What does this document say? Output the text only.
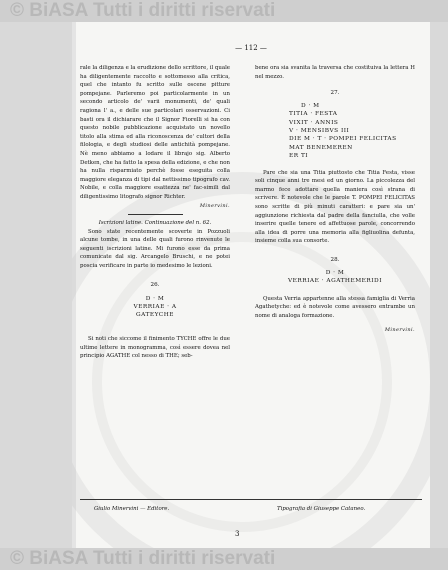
© BiASA Tutti i diritti riservati
— 112 —

rale la diligenza e la erudizione dello scrittore, il quale ha diligentemente raccolto e sottomesso alla critica, quel che intanto fu scritto sulle oscene pitture pompejane. Parleremo poi particolarmente in un secondo articolo de' varii monumenti, de' quali ragiona l' a., e delle sue particolari osservazioni. Ci basti ora il dichiarare che il Signor Fiorelli si ha con questo nobile pubblicazione acquistato un novello titolo alla stima ed alla riconoscenza de' cultori della filologia, e degli studiosi delle antichità pompejane. Nè meno abbiamo a lodare il librajo sig. Alberto Detken, che ha fatto la spesa della edizione, e che non ha nulla risparmiato perchè fosse eseguita colla maggiore eleganza di tipi dal nettissimo tipografo cav. Nobile, e colla maggiore esattezza ne' fac-simili dal diligentissimo litografo signor Richter.

Minervini.

Iscrizioni latine. Continuazione del n. 62.

Sono state recentemente scoverte in Pozzuoli alcune tombe, in una delle quali furono rinvenute le seguenti iscrizioni latine. Mi furono esse da prima comunicate dal sig. Arcangelo Bruschi, e ne potei poscia verificare in parte io medesimo le lezioni.

26.

D · M
VERRIAE · A
GATEYCHE

Si noti che siccome il finimento TYCHE offre le due ultime lettere in monogramma, così essere dovea nel principio AGATHE col nesso di THE; seb-

bene ora sia svanita la traversa che costituiva la lettera H nel mezzo.

27.

D · M
TITIA · FESTA
VIXIT · ANNIS
V · MENSIBVS III
DIE M · T · POMPEI FELICITAS
MAT BENEMEREN
ER TI

Pare che sia una Titia piuttosto che Titia Festa, visse soli cinque anni tre mesi ed un giorno. La piccolezza del marmo fece adottare quella maniera così strana di scrivere. È notevole che le parole T. POMPEI FELICITAS sono scritte di più minuti caratteri: e pare sia un' aggiunzione richiesta dal padre della fanciulla, che volle inserire quelle tenere ed affettuose parole, concorrendo alla idea di porre una memoria alla figliuolina defunta, insieme colla sua consorte.

28.

D · M
VERRIAE · AGATHEMERIDI

Questa Verria appartenne alla stessa famiglia di Verria Agathetyche: ed è notevole come avessero entrambe un nome di analoga formazione.

Minervini.

Giulio Minervini — Editore.	Tipografia di Giuseppe Cataneo.
3
© BiASA Tutti i diritti riservati
